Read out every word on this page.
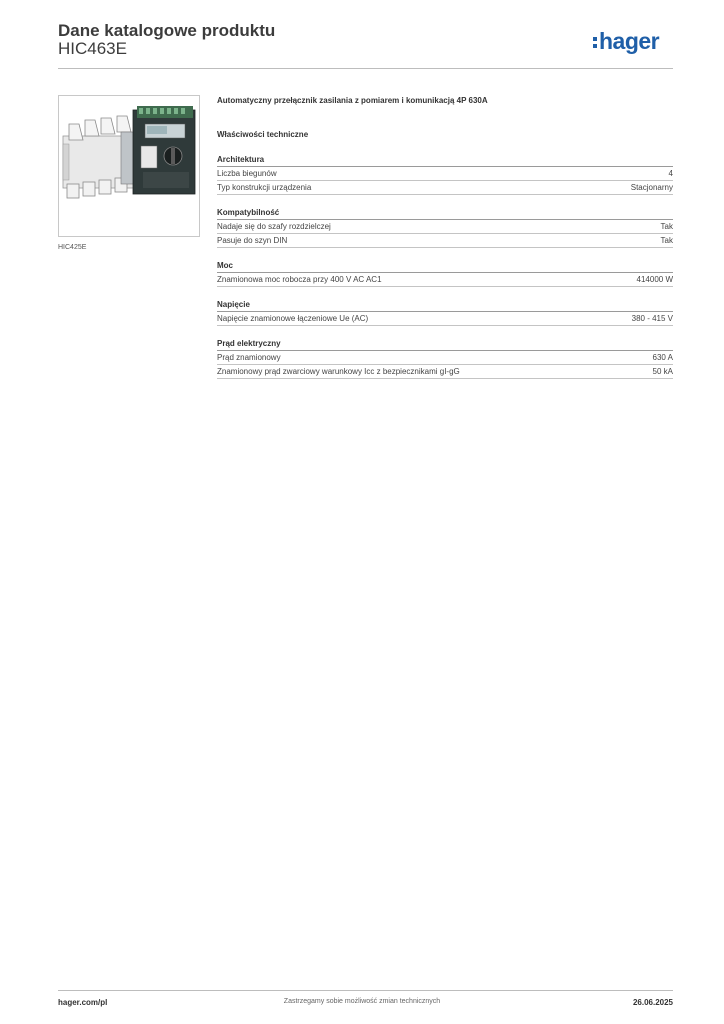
Dane katalogowe produktu
HIC463E	hager
HIC425E
Automatyczny przełącznik zasilania z pomiarem i komunikacją 4P 630A
Właściwości techniczne
Architektura
Liczba biegunów	4
Typ konstrukcji urządzenia	Stacjonarny
Kompatybilność
Nadaje się do szafy rozdzielczej	Tak
Pasuje do szyn DIN	Tak
Moc
Znamionowa moc robocza przy 400 V AC AC1	414000 W
Napięcie
Napięcie znamionowe łączeniowe Ue (AC)	380 - 415 V
Prąd elektryczny
Prąd znamionowy	630 A
Znamionowy prąd zwarciowy warunkowy Icc z bezpiecznikami gI-gG	50 kA
hager.com/pl	Zastrzegamy sobie możliwość zmian technicznych	26.06.2025
